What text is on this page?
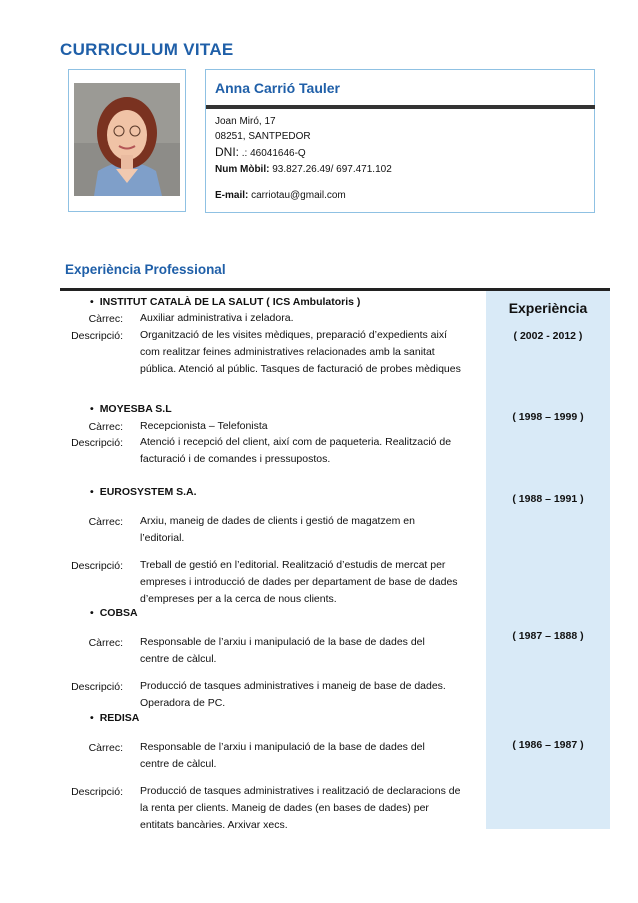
CURRICULUM VITAE
Anna Carrió Tauler
Joan Miró, 17
08251, SANTPEDOR
DNI: .: 46041646-Q
Num Mòbil: 93.827.26.49/ 697.471.102
E-mail: carriotau@gmail.com
Experiència Professional
Experiència
( 2002 - 2012 )
( 1998 – 1999 )
( 1988 – 1991 )
( 1987 – 1888 )
( 1986 – 1987 )
• INSTITUT CATALÀ DE LA SALUT ( ICS Ambulatoris )
Càrrec: Auxiliar administrativa i zeladora.
Descripció: Organització de les visites mèdiques, preparació d’expedients així com realitzar feines administratives relacionades amb la sanitat pública. Atenció al públic. Tasques de facturació de probes mèdiques
• MOYESBA S.L
Càrrec: Recepcionista – Telefonista
Descripció: Atenció i recepció del client, així com de paqueteria. Realització de facturació i de comandes i pressupostos.
• EUROSYSTEM S.A.
Càrrec: Arxiu, maneig de dades de clients i gestió de magatzem en l’editorial.
Descripció: Treball de gestió en l’editorial. Realització d’estudis de mercat per empreses i introducció de dades per departament de base de dades d’empreses per a la cerca de nous clients.
• COBSA
Càrrec: Responsable de l’arxiu i manipulació de la base de dades del centre de càlcul.
Descripció: Producció de tasques administratives i maneig de base de dades. Operadora de PC.
• REDISA
Càrrec: Responsable de l’arxiu i manipulació de la base de dades del centre de càlcul.
Descripció: Producció de tasques administratives i realització de declaracions de la renta per clients. Maneig de dades (en bases de dades) per entitats bancàries. Arxivar xecs.
